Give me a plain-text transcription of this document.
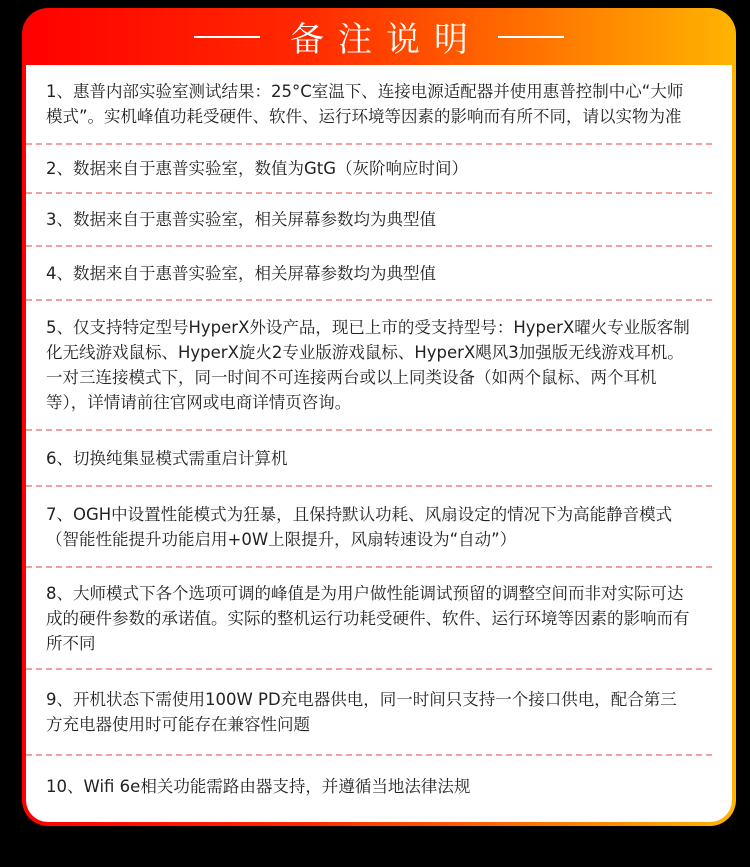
备注说明
1、惠普内部实验室测试结果：25°C室温下、连接电源适配器并使用惠普控制中心“大师模式”。实机峰值功耗受硬件、软件、运行环境等因素的影响而有所不同，请以实物为准
2、数据来自于惠普实验室，数值为GtG（灰阶响应时间）
3、数据来自于惠普实验室，相关屏幕参数均为典型值
4、数据来自于惠普实验室，相关屏幕参数均为典型值
5、仅支持特定型号HyperX外设产品，现已上市的受支持型号：HyperX曜火专业版客制化无线游戏鼠标、HyperX旋火2专业版游戏鼠标、HyperX飓风3加强版无线游戏耳机。一对三连接模式下，同一时间不可连接两台或以上同类设备（如两个鼠标、两个耳机等），详情请前往官网或电商详情页咨询。
6、切换纯集显模式需重启计算机
7、OGH中设置性能模式为狂暴，且保持默认功耗、风扇设定的情况下为高能静音模式（智能性能提升功能启用+0W上限提升，风扇转速设为“自动”）
8、大师模式下各个选项可调的峰值是为用户做性能调试预留的调整空间而非对实际可达成的硬件参数的承诺值。实际的整机运行功耗受硬件、软件、运行环境等因素的影响而有所不同
9、开机状态下需使用100W PD充电器供电，同一时间只支持一个接口供电，配合第三方充电器使用时可能存在兼容性问题
10、Wifi 6e相关功能需路由器支持，并遵循当地法律法规
